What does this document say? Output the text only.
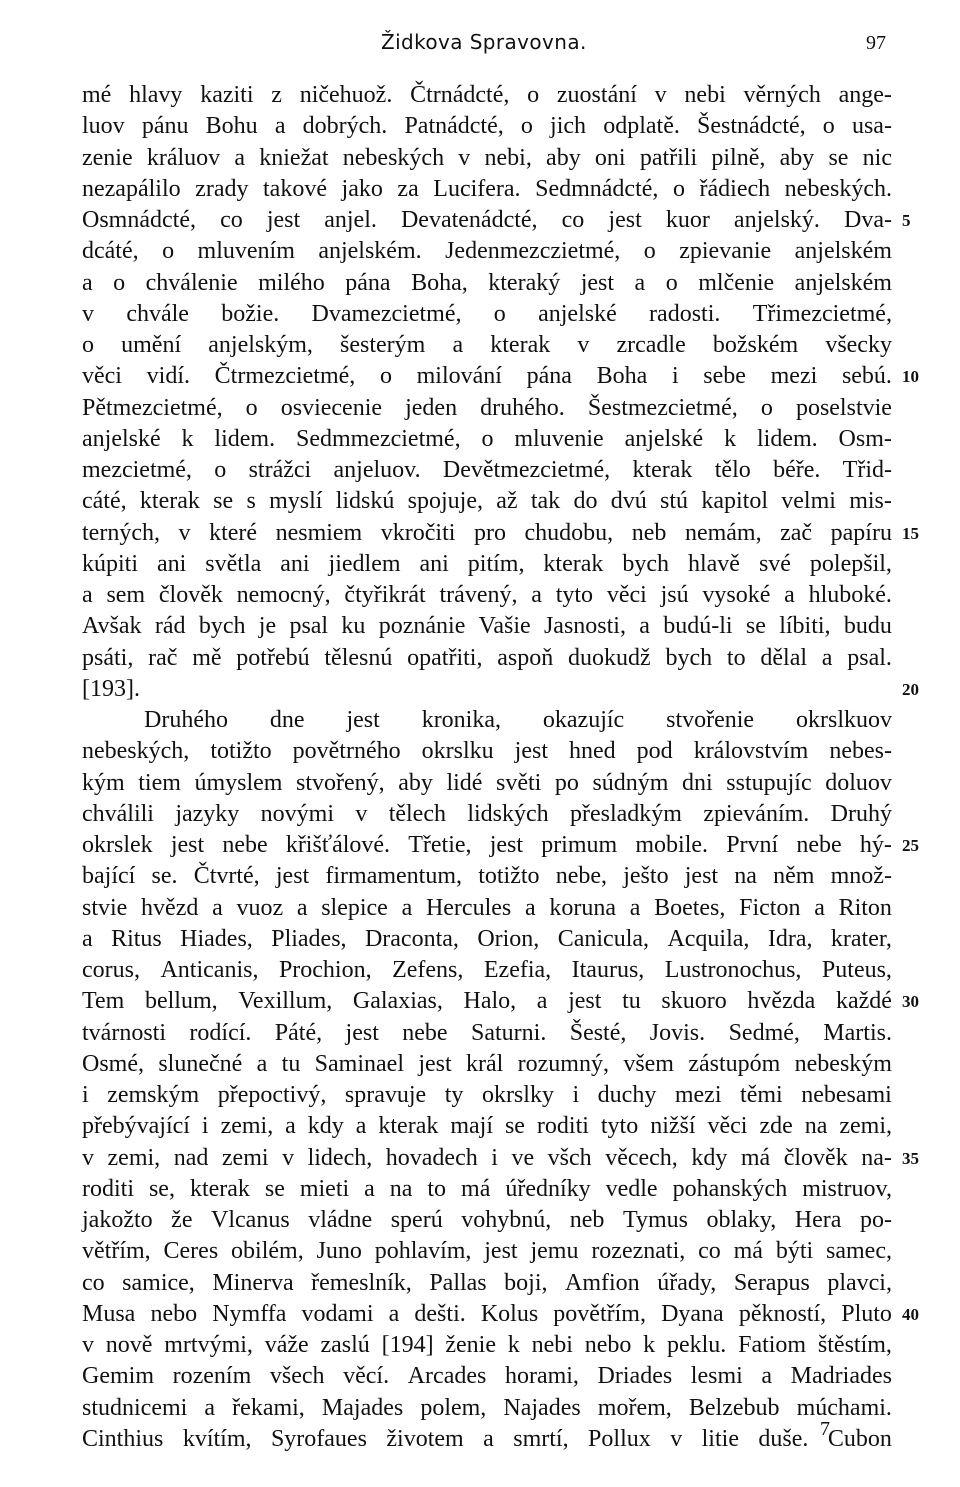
Židkova Spravovna.	97
mé hlavy kaziti z ničehuož. Čtrnádcté, o zuostání v nebi věrných ange-
luov pánu Bohu a dobrých. Patnádcté, o jich odplatě. Šestnádcté, o usa-
zenie králuov a kniežat nebeských v nebi, aby oni patřili pilně, aby se nic
nezapálilo zrady takové jako za Lucifera. Sedmnádcté, o řádiech nebeských.
Osmnádcté, co jest anjel. Devatenádcté, co jest kuor anjelský. Dva-
dcáté, o mluvením anjelském. Jedenmezczietmé, o zpievanie anjelském
a o chválenie milého pána Boha, kteraký jest a o mlčenie anjelském
v chvále božie. Dvamezcietmé, o anjelské radosti. Třimezcietmé,
o umění anjelským, šesterým a kterak v zrcadle božském všecky
věci vidí. Čtrmezcietmé, o milování pána Boha i sebe mezi sebú.
Pětmezcietmé, o osviecenie jeden druhého. Šestmezcietmé, o poselstvie
anjelské k lidem. Sedmmezcietmé, o mluvenie anjelské k lidem. Osm-
mezcietmé, o strážci anjeluov. Devětmezcietmé, kterak tělo béře. Třid-
cáté, kterak se s myslí lidskú spojuje, až tak do dvú stú kapitol velmi mis-
terných, v které nesmiem vkročiti pro chudobu, neb nemám, zač papíru
kúpiti ani světla ani jiedlem ani pitím, kterak bych hlavě své polepšil,
a sem člověk nemocný, čtyřikrát trávený, a tyto věci jsú vysoké a hluboké.
Avšak rád bych je psal ku poznánie Vašie Jasnosti, a budú-li se líbiti, budu
psáti, rač mě potřebú tělesnú opatřiti, aspoň duokudž bych to dělal a psal.
[193].
Druhého dne jest kronika, okazujíc stvořenie okrslkuov
nebeských, totižto povětrného okrslku jest hned pod královstvím nebes-
kým tiem úmyslem stvořený, aby lidé světi po súdným dni sstupujíc doluov
chválili jazyky novými v tělech lidských přesladkým zpieváním. Druhý
okrslek jest nebe křišťálové. Třetie, jest primum mobile. První nebe hý-
bající se. Čtvrté, jest firmamentum, totižto nebe, ješto jest na něm množ-
stvie hvězd a vuoz a slepice a Hercules a koruna a Boetes, Ficton a Riton
a Ritus Hiades, Pliades, Draconta, Orion, Canicula, Acquila, Idra, krater,
corus, Anticanis, Prochion, Zefens, Ezefia, Itaurus, Lustronochus, Puteus,
Tem bellum, Vexillum, Galaxias, Halo, a jest tu skuoro hvězda každé
tvárnosti rodící. Páté, jest nebe Saturni. Šesté, Jovis. Sedmé, Martis.
Osmé, slunečné a tu Saminael jest král rozumný, všem zástupóm nebeským
i zemským přepoctivý, spravuje ty okrslky i duchy mezi těmi nebesami
přebývající i zemi, a kdy a kterak mají se roditi tyto nižší věci zde na zemi,
v zemi, nad zemi v lidech, hovadech i ve všch věcech, kdy má člověk na-
roditi se, kterak se mieti a na to má úředníky vedle pohanských mistruov,
jakožto že Vlcanus vládne sperú vohybnú, neb Tymus oblaky, Hera po-
větřím, Ceres obilém, Juno pohlavím, jest jemu rozeznati, co má býti samec,
co samice, Minerva řemeslník, Pallas boji, Amfion úřady, Serapus plavci,
Musa nebo Nymffa vodami a dešti. Kolus povětřím, Dyana pěkností, Pluto
v nově mrtvými, váže zaslú [194] ženie k nebi nebo k peklu. Fatiom štěstím,
Gemim rozením všech věcí. Arcades horami, Driades lesmi a Madriades
studnicemi a řekami, Majades polem, Najades mořem, Belzebub múchami.
Cinthius kvítím, Syrofaues životem a smrtí, Pollux v litie duše. Cubon
5
10
15
20
25
30
35
40
7
